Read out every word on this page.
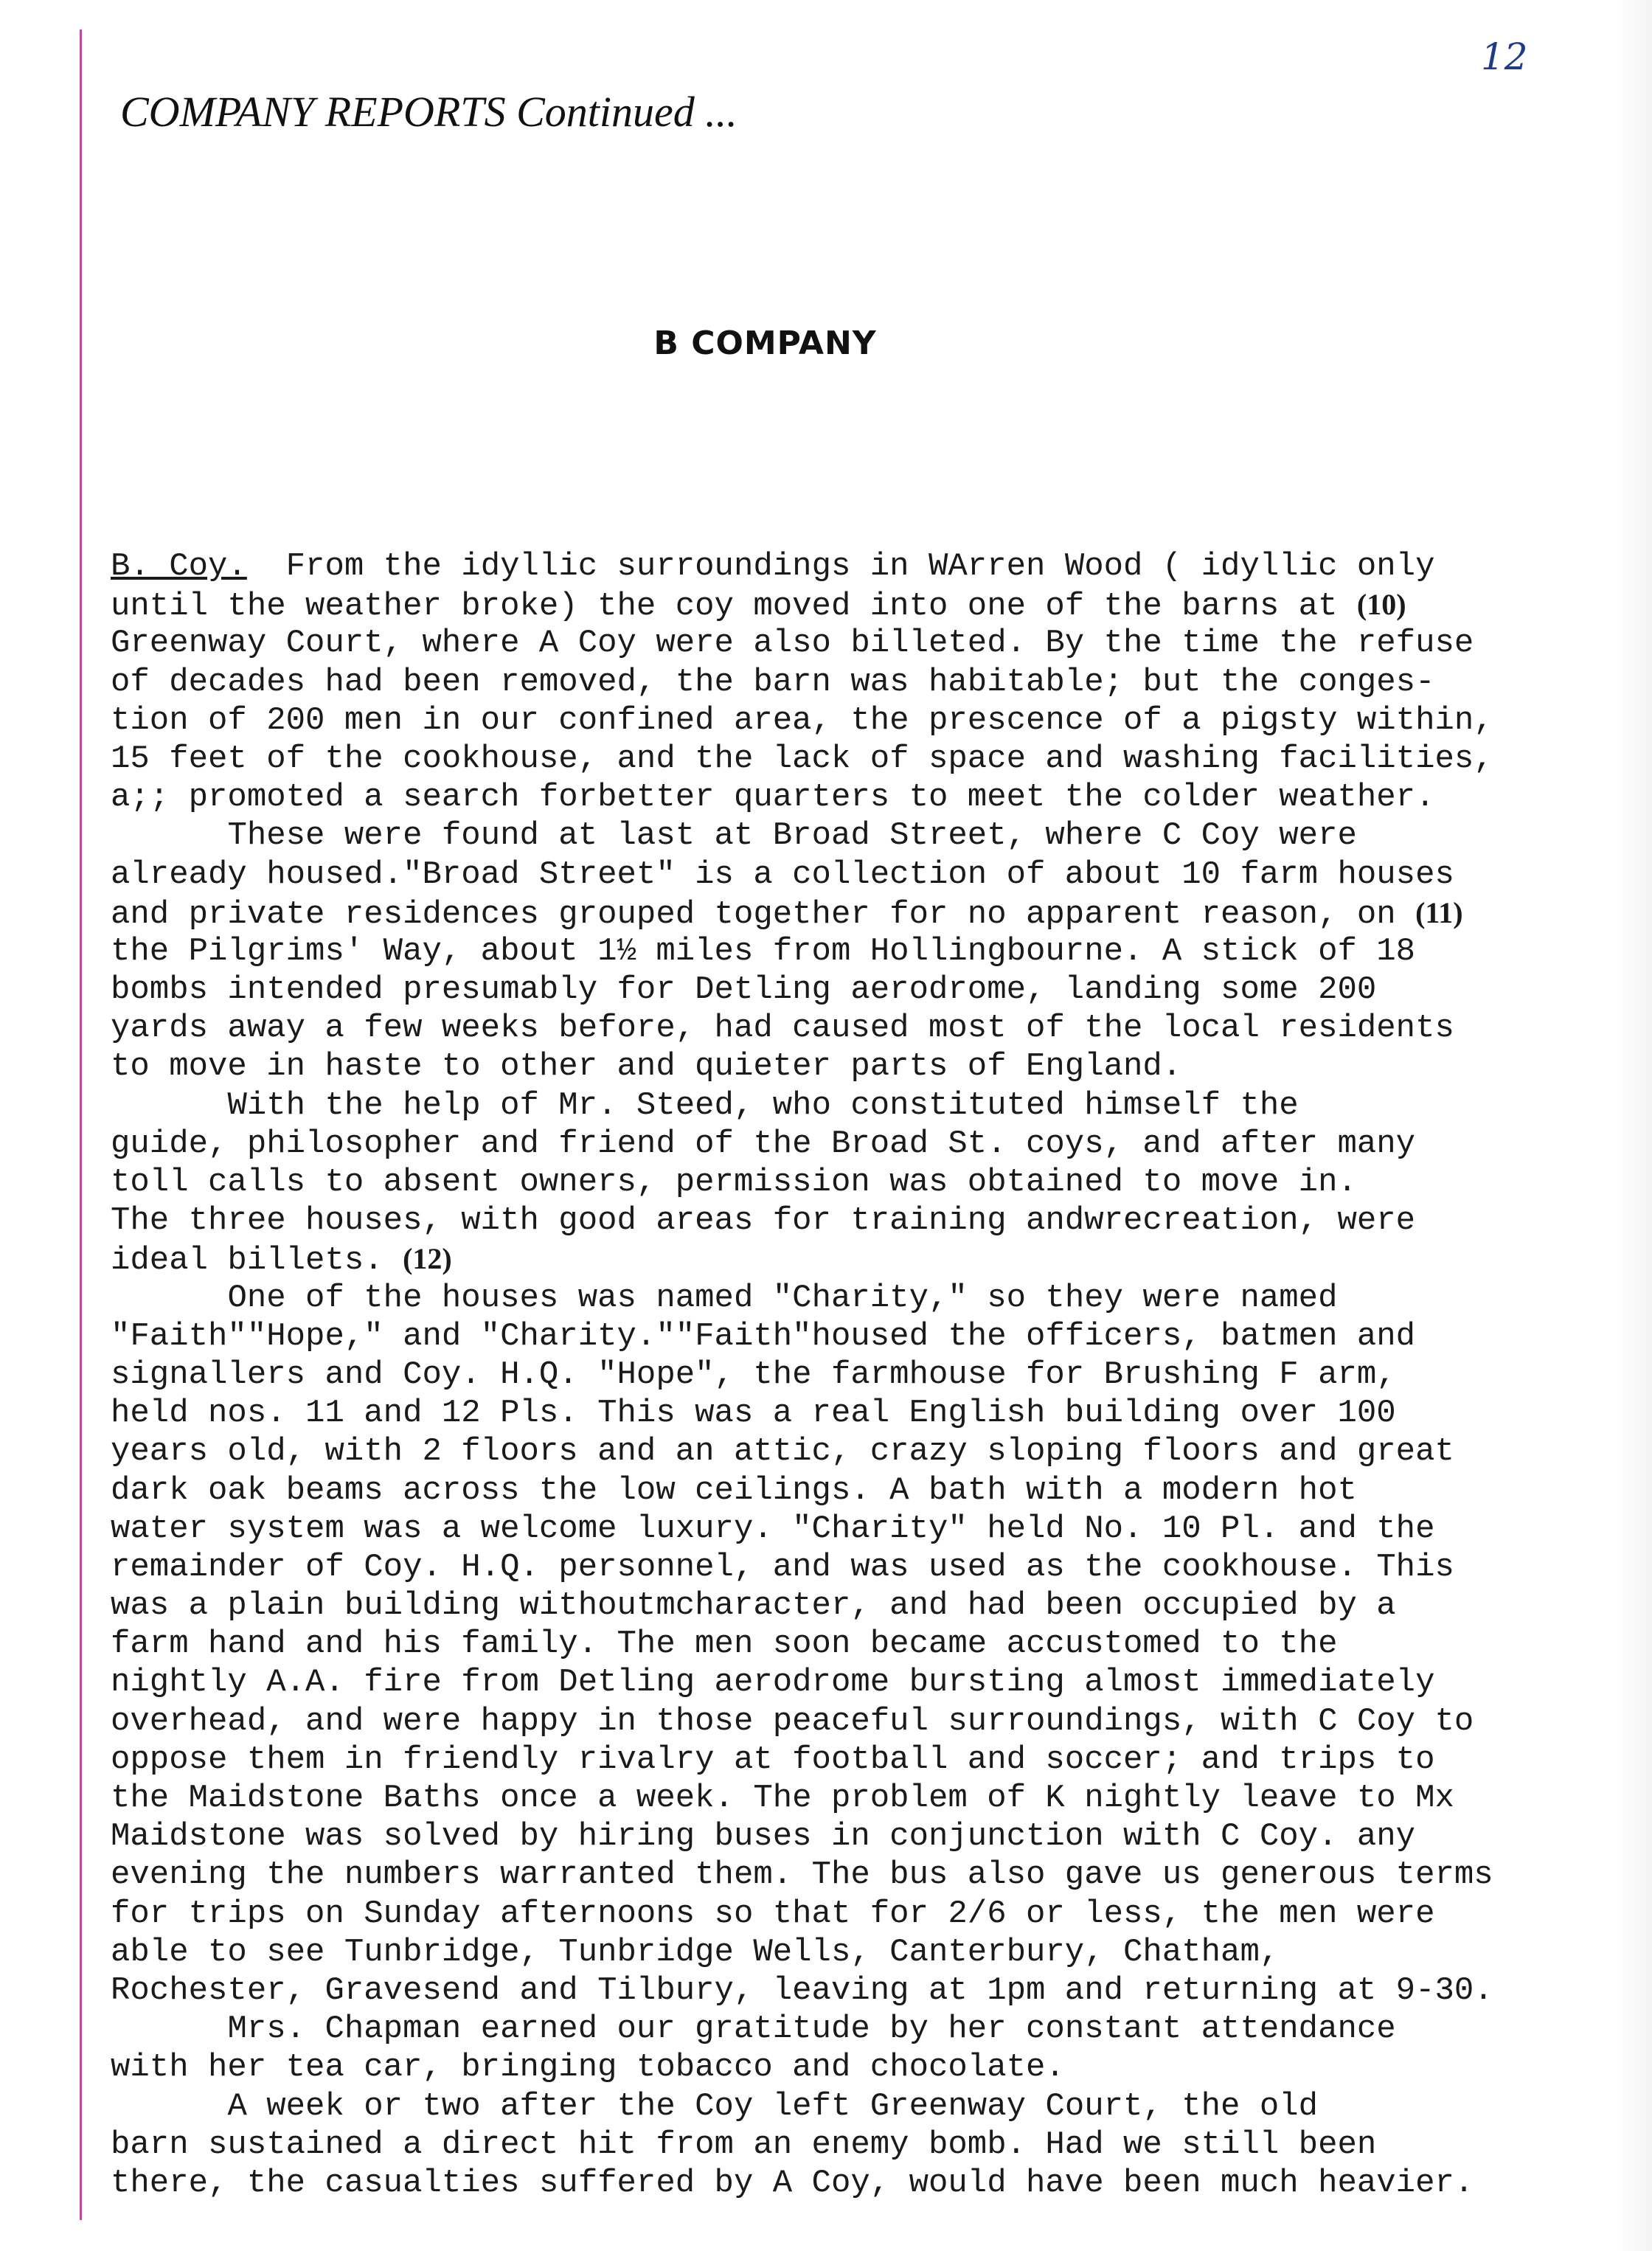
12
COMPANY REPORTS Continued ...
B COMPANY
B. Coy.  From the idyllic surroundings in WArren Wood ( idyllic only
until the weather broke) the coy moved into one of the barns at (10)
Greenway Court, where A Coy were also billeted. By the time the refuse
of decades had been removed, the barn was habitable; but the conges-
tion of 200 men in our confined area, the prescence of a pigsty within,
15 feet of the cookhouse, and the lack of space and washing facilities,
a;; promoted a search forbetter quarters to meet the colder weather.
These were found at last at Broad Street, where C Coy were
already housed."Broad Street" is a collection of about 10 farm houses
and private residences grouped together for no apparent reason, on (11)
the Pilgrims' Way, about 1½ miles from Hollingbourne. A stick of 18
bombs intended presumably for Detling aerodrome, landing some 200
yards away a few weeks before, had caused most of the local residents
to move in haste to other and quieter parts of England.
With the help of Mr. Steed, who constituted himself the
guide, philosopher and friend of the Broad St. coys, and after many
toll calls to absent owners, permission was obtained to move in.
The three houses, with good areas for training andwrecreation, were
ideal billets. (12)
One of the houses was named "Charity," so they were named
"Faith""Hope," and "Charity.""Faith"housed the officers, batmen and
signallers and Coy. H.Q. "Hope", the farmhouse for Brushing F arm,
held nos. 11 and 12 Pls. This was a real English building over 100
years old, with 2 floors and an attic, crazy sloping floors and great
dark oak beams across the low ceilings. A bath with a modern hot
water system was a welcome luxury. "Charity" held No. 10 Pl. and the
remainder of Coy. H.Q. personnel, and was used as the cookhouse. This
was a plain building withoutmcharacter, and had been occupied by a
farm hand and his family. The men soon became accustomed to the
nightly A.A. fire from Detling aerodrome bursting almost immediately
overhead, and were happy in those peaceful surroundings, with C Coy to
oppose them in friendly rivalry at football and soccer; and trips to
the Maidstone Baths once a week. The problem of K nightly leave to Mx
Maidstone was solved by hiring buses in conjunction with C Coy. any
evening the numbers warranted them. The bus also gave us generous terms
for trips on Sunday afternoons so that for 2/6 or less, the men were
able to see Tunbridge, Tunbridge Wells, Canterbury, Chatham,
Rochester, Gravesend and Tilbury, leaving at 1pm and returning at 9-30.
Mrs. Chapman earned our gratitude by her constant attendance
with her tea car, bringing tobacco and chocolate.
A week or two after the Coy left Greenway Court, the old
barn sustained a direct hit from an enemy bomb. Had we still been
there, the casualties suffered by A Coy, would have been much heavier.
